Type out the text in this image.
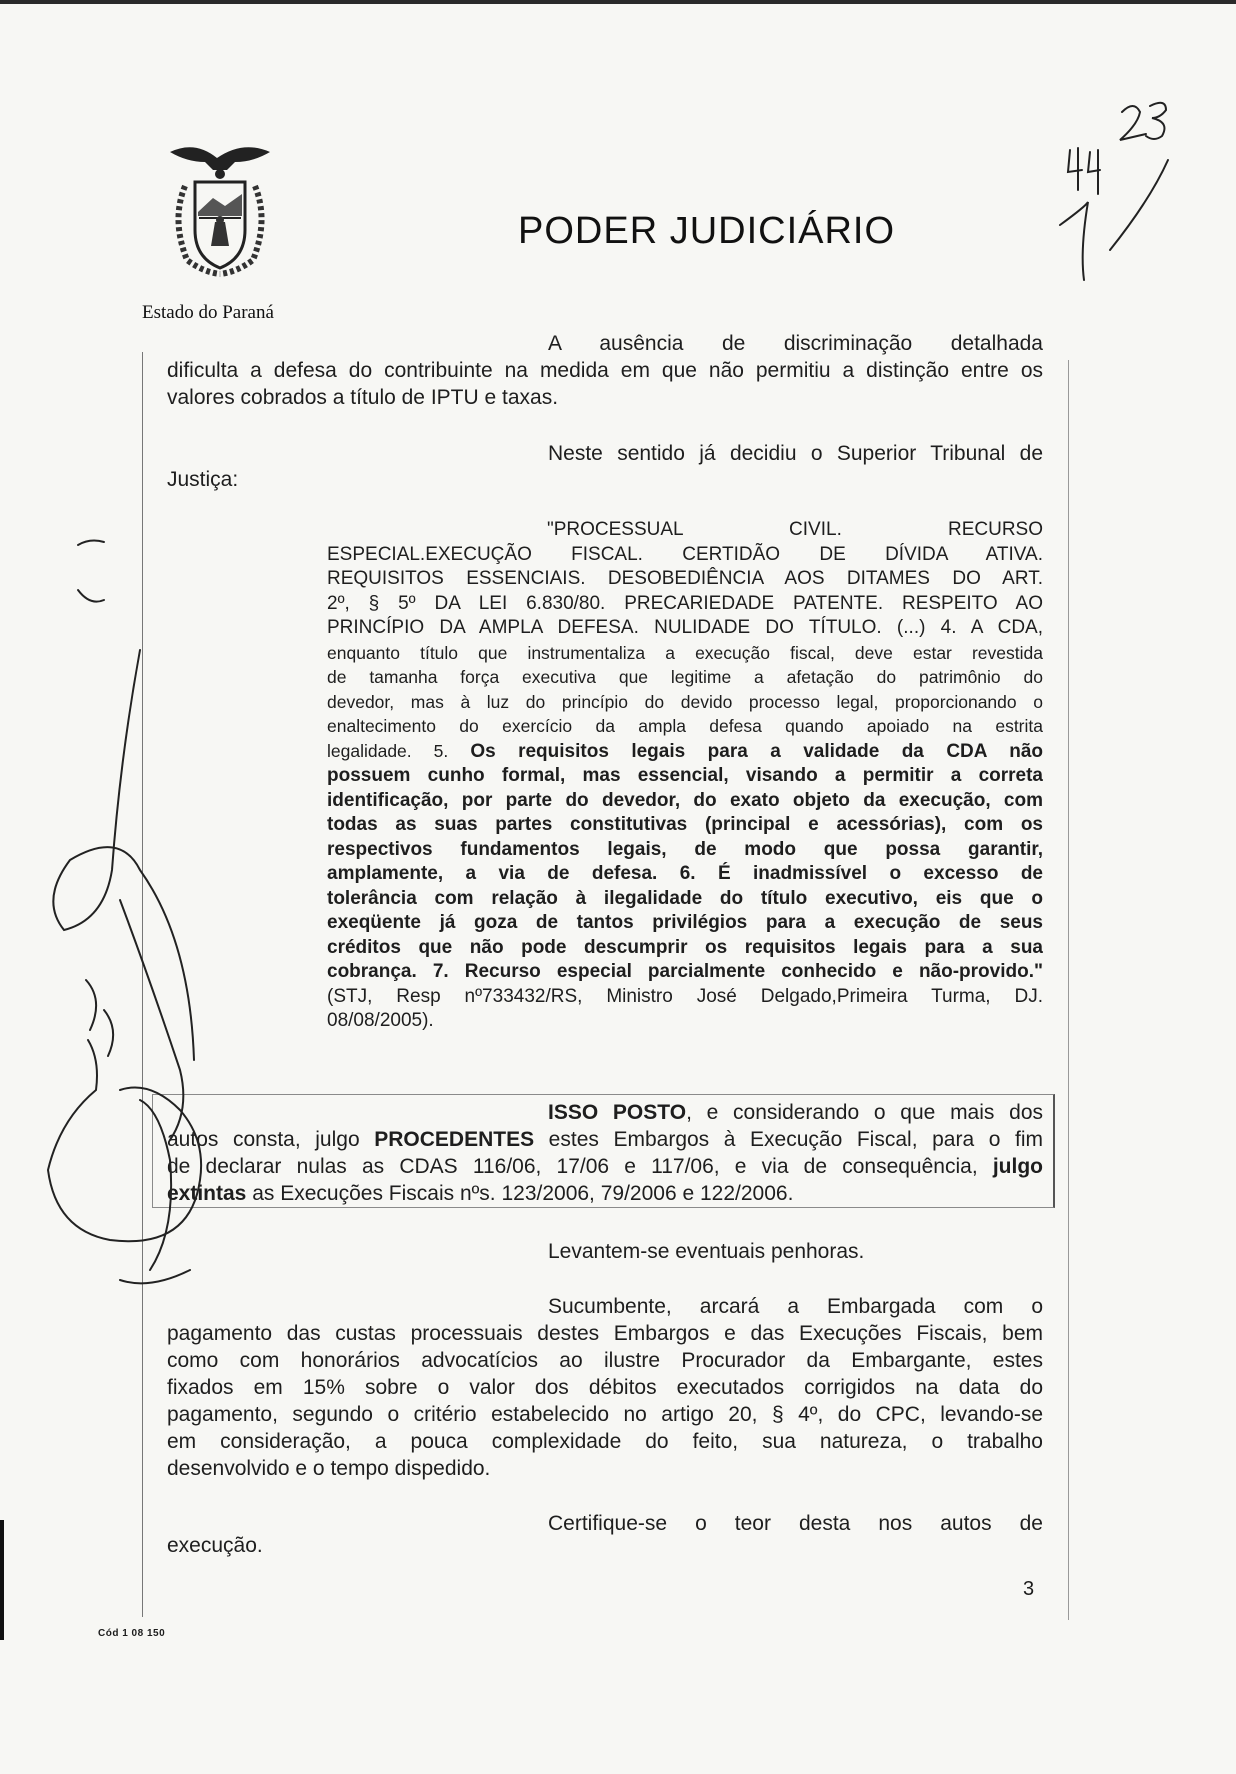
PODER JUDICIÁRIO
Estado do Paraná
A ausência de discriminação detalhada
dificulta a defesa do contribuinte na medida em que não permitiu a distinção entre os
valores cobrados a título de IPTU e taxas.
Neste sentido já decidiu o Superior Tribunal de
Justiça:
"PROCESSUAL CIVIL. RECURSO
ESPECIAL.EXECUÇÃO FISCAL. CERTIDÃO DE DÍVIDA ATIVA.
REQUISITOS ESSENCIAIS. DESOBEDIÊNCIA AOS DITAMES DO ART.
2º, § 5º DA LEI 6.830/80. PRECARIEDADE PATENTE. RESPEITO AO
PRINCÍPIO DA AMPLA DEFESA. NULIDADE DO TÍTULO. (...) 4. A CDA,
enquanto título que instrumentaliza a execução fiscal, deve estar revestida
de tamanha força executiva que legitime a afetação do patrimônio do
devedor, mas à luz do princípio do devido processo legal, proporcionando o
enaltecimento do exercício da ampla defesa quando apoiado na estrita
legalidade. 5. Os requisitos legais para a validade da CDA não
possuem cunho formal, mas essencial, visando a permitir a correta
identificação, por parte do devedor, do exato objeto da execução, com
todas as suas partes constitutivas (principal e acessórias), com os
respectivos fundamentos legais, de modo que possa garantir,
amplamente, a via de defesa. 6. É inadmissível o excesso de
tolerância com relação à ilegalidade do título executivo, eis que o
exeqüente já goza de tantos privilégios para a execução de seus
créditos que não pode descumprir os requisitos legais para a sua
cobrança. 7. Recurso especial parcialmente conhecido e não-provido."
(STJ, Resp nº733432/RS, Ministro José Delgado,Primeira Turma, DJ.
08/08/2005).
ISSO POSTO, e considerando o que mais dos
autos consta, julgo PROCEDENTES estes Embargos à Execução Fiscal, para o fim
de declarar nulas as CDAS 116/06, 17/06 e 117/06, e via de consequência, julgo
extintas as Execuções Fiscais nºs. 123/2006, 79/2006 e 122/2006.
Levantem-se eventuais penhoras.
Sucumbente, arcará a Embargada com o
pagamento das custas processuais destes Embargos e das Execuções Fiscais, bem
como com honorários advocatícios ao ilustre Procurador da Embargante, estes
fixados em 15% sobre o valor dos débitos executados corrigidos na data do
pagamento, segundo o critério estabelecido no artigo 20, § 4º, do CPC, levando-se
em consideração, a pouca complexidade do feito, sua natureza, o trabalho
desenvolvido e o tempo dispedido.
Certifique-se o teor desta nos autos de
execução.
3
Cód 1 08 150
